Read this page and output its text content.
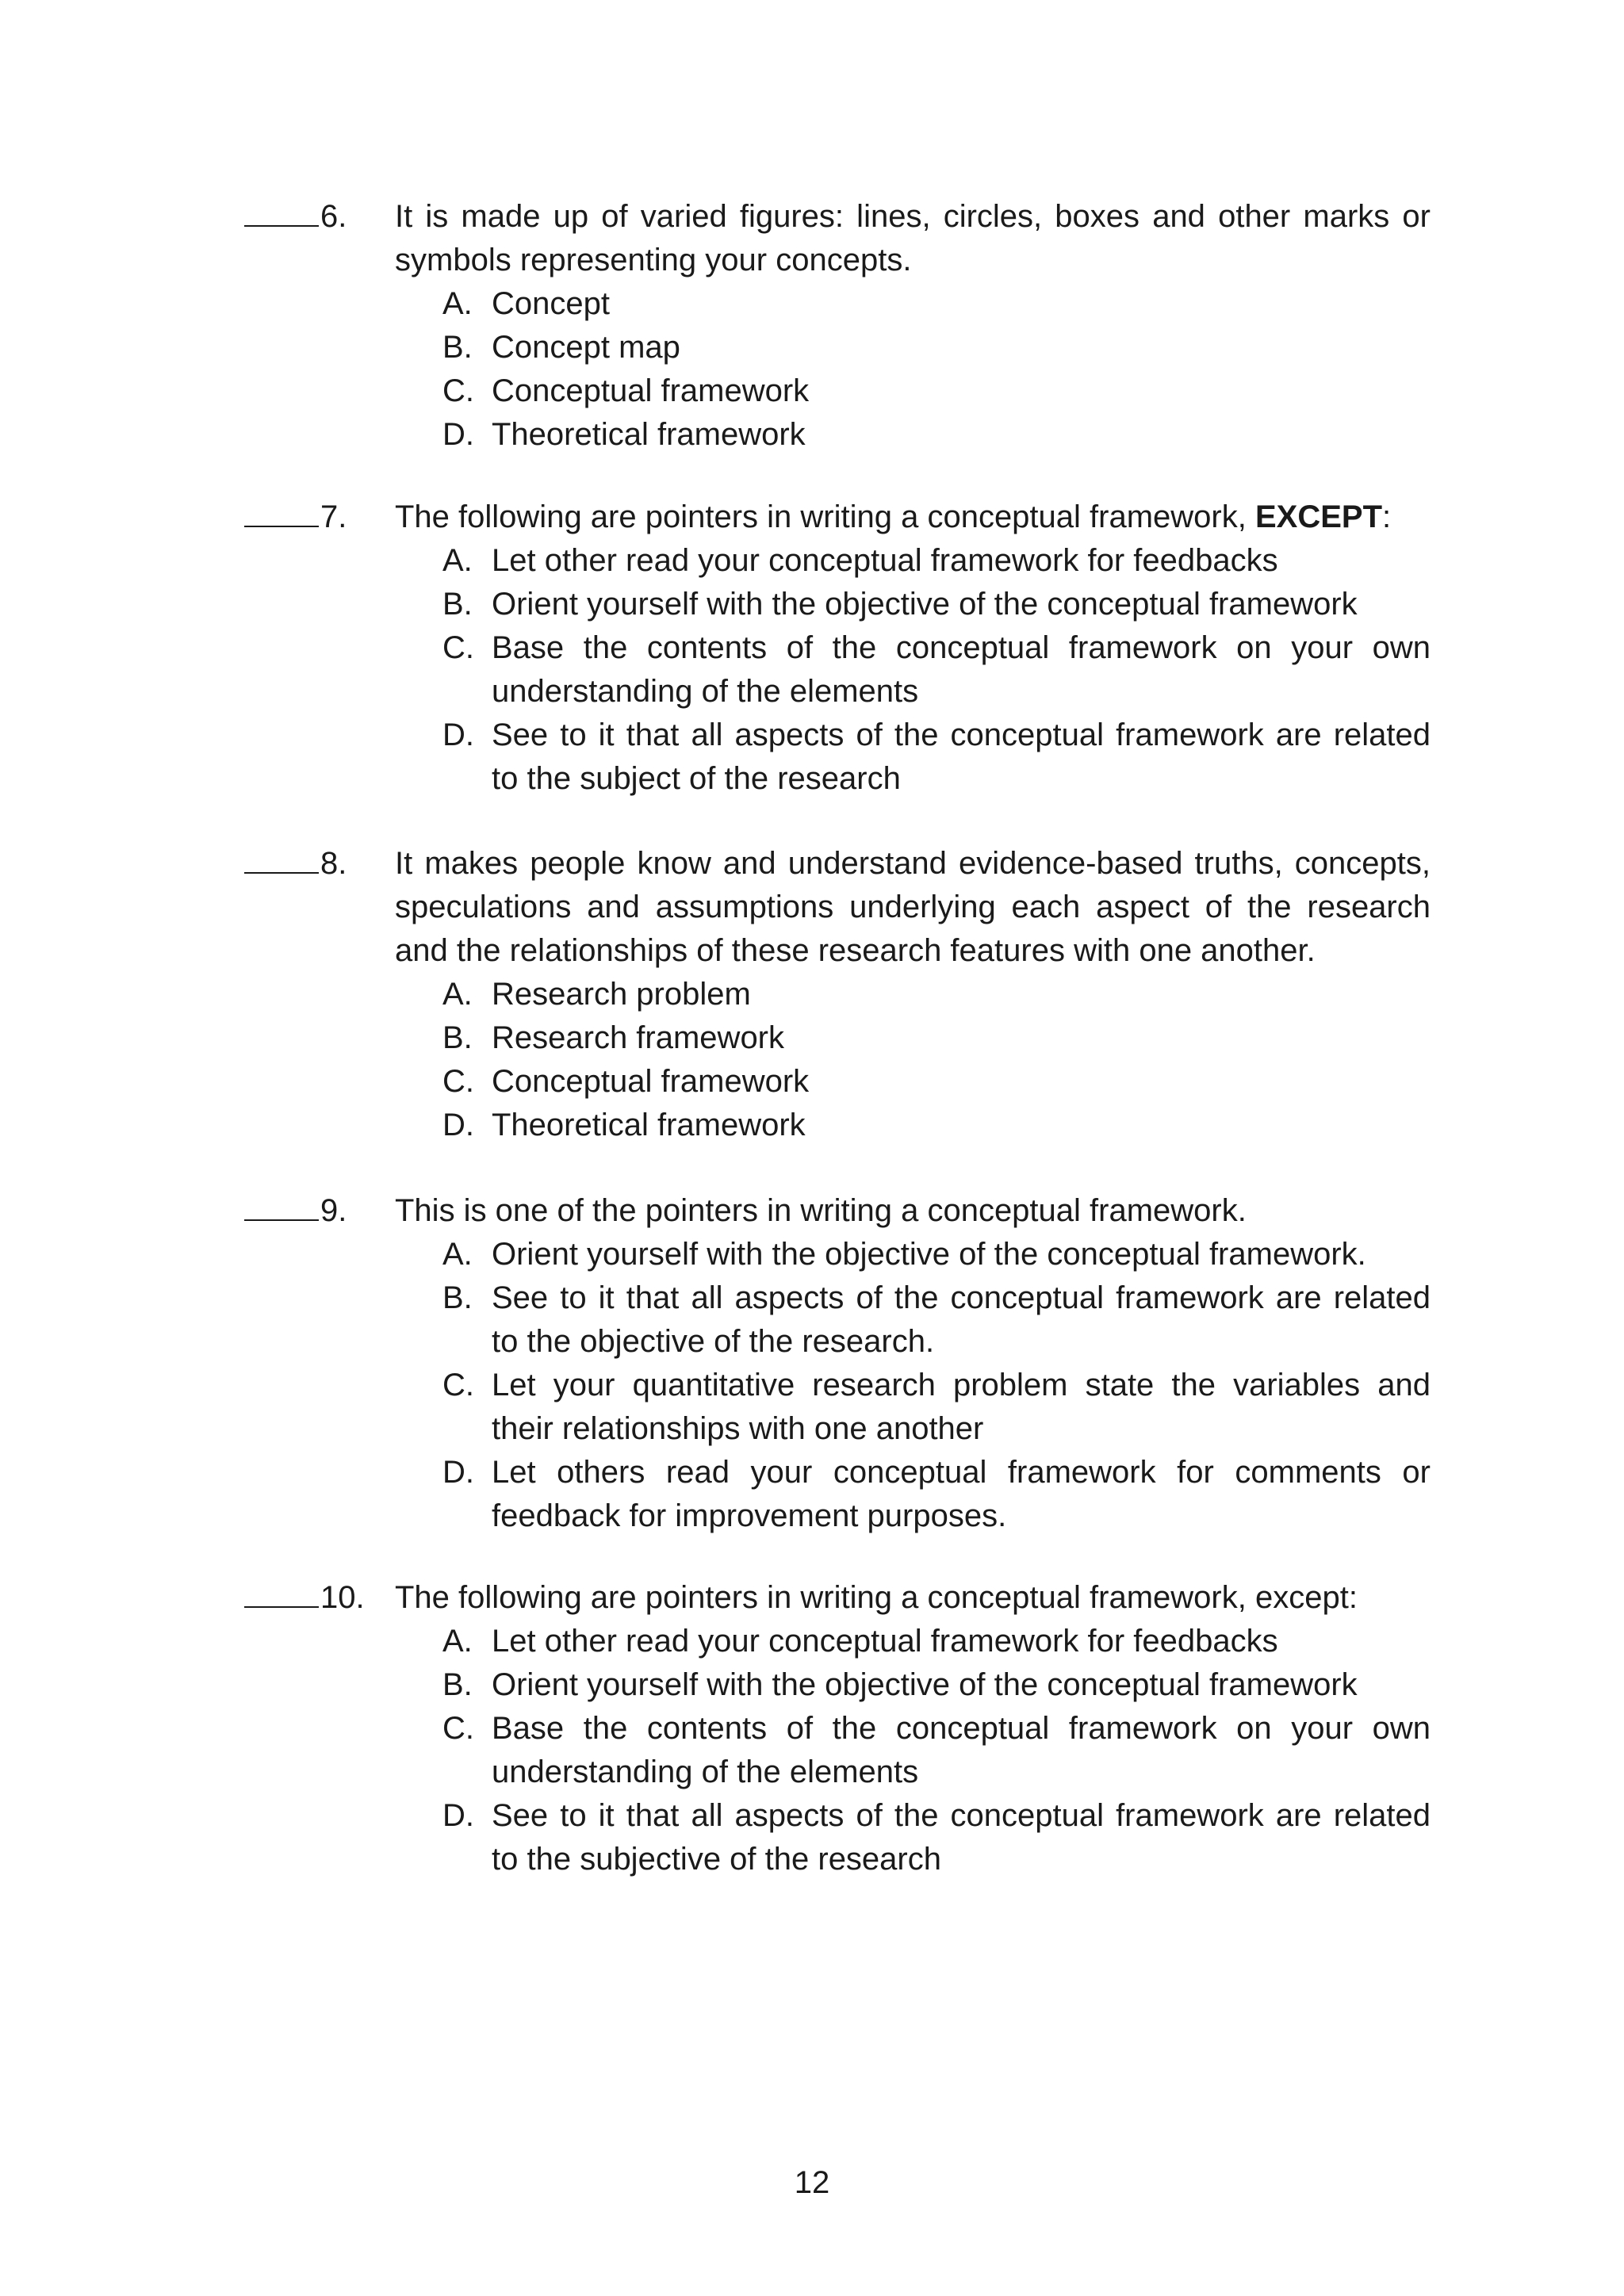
6. It is made up of varied figures: lines, circles, boxes and other marks or symbols representing your concepts.
A. Concept
B. Concept map
C. Conceptual framework
D. Theoretical framework
7. The following are pointers in writing a conceptual framework, EXCEPT:
A. Let other read your conceptual framework for feedbacks
B. Orient yourself with the objective of the conceptual framework
C. Base the contents of the conceptual framework on your own understanding of the elements
D. See to it that all aspects of the conceptual framework are related to the subject of the research
8. It makes people know and understand evidence-based truths, concepts, speculations and assumptions underlying each aspect of the research and the relationships of these research features with one another.
A. Research problem
B. Research framework
C. Conceptual framework
D. Theoretical framework
9. This is one of the pointers in writing a conceptual framework.
A. Orient yourself with the objective of the conceptual framework.
B. See to it that all aspects of the conceptual framework are related to the objective of the research.
C. Let your quantitative research problem state the variables and their relationships with one another
D. Let others read your conceptual framework for comments or feedback for improvement purposes.
10. The following are pointers in writing a conceptual framework, except:
A. Let other read your conceptual framework for feedbacks
B. Orient yourself with the objective of the conceptual framework
C. Base the contents of the conceptual framework on your own understanding of the elements
D. See to it that all aspects of the conceptual framework are related to the subjective of the research
12
